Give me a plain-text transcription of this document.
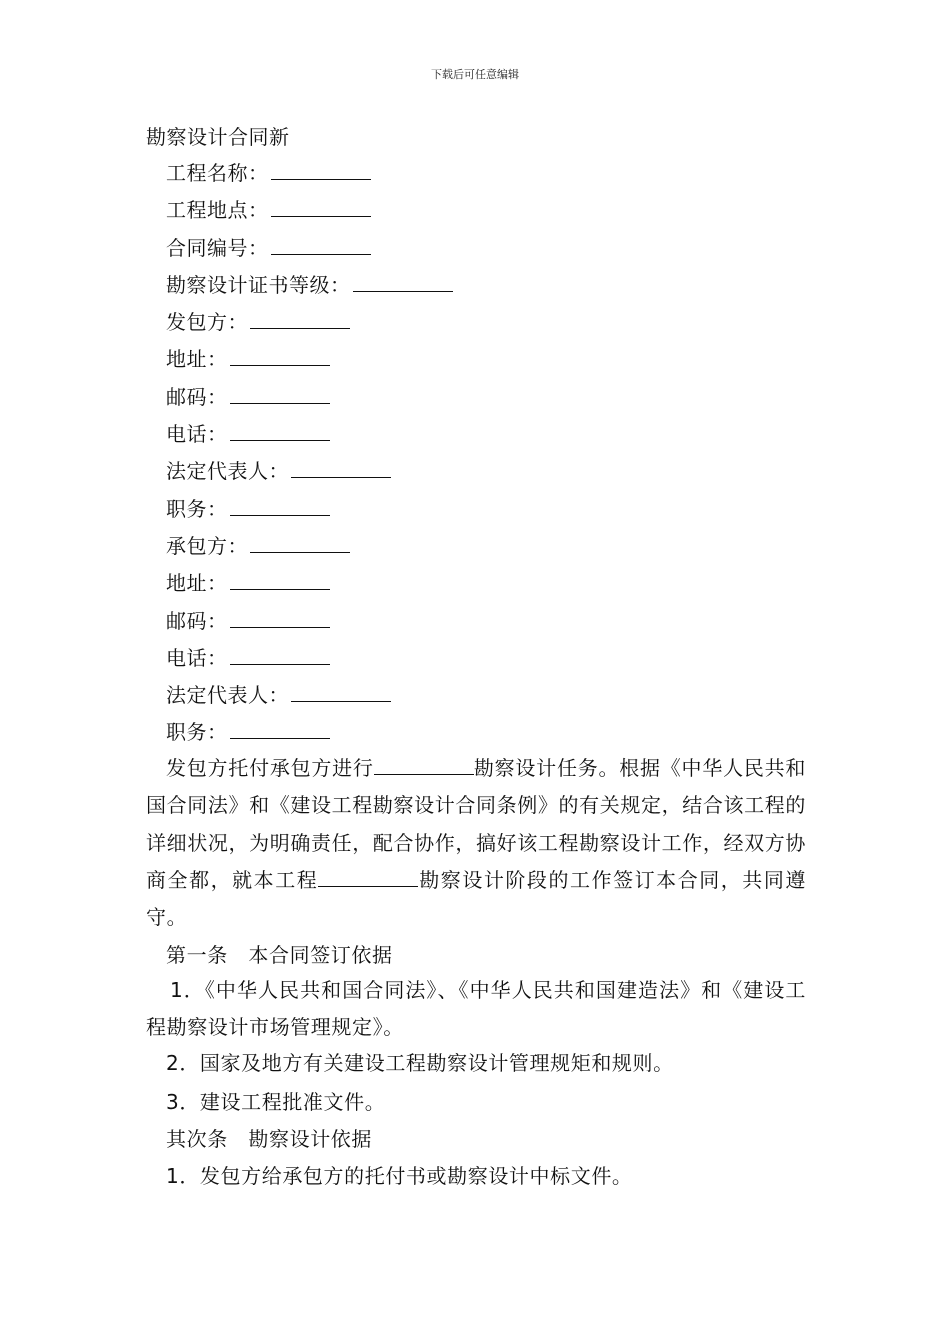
下载后可任意编辑
勘察设计合同新
工程名称：
工程地点：
合同编号：
勘察设计证书等级：
发包方：
地址：
邮码：
电话：
法定代表人：
职务：
承包方：
地址：
邮码：
电话：
法定代表人：
职务：
发包方托付承包方进行	勘察设计任务。根据《中华人民共和国合同法》和《建设工程勘察设计合同条例》的有关规定，结合该工程的详细状况，为明确责任，配合协作，搞好该工程勘察设计工作，经双方协商全都，就本工程	勘察设计阶段的工作签订本合同，共同遵守。
第一条　本合同签订依据
1．《中华人民共和国合同法》、《中华人民共和国建造法》和《建设工程勘察设计市场管理规定》。
2．国家及地方有关建设工程勘察设计管理规矩和规则。
3．建设工程批准文件。
其次条　勘察设计依据
1．发包方给承包方的托付书或勘察设计中标文件。
